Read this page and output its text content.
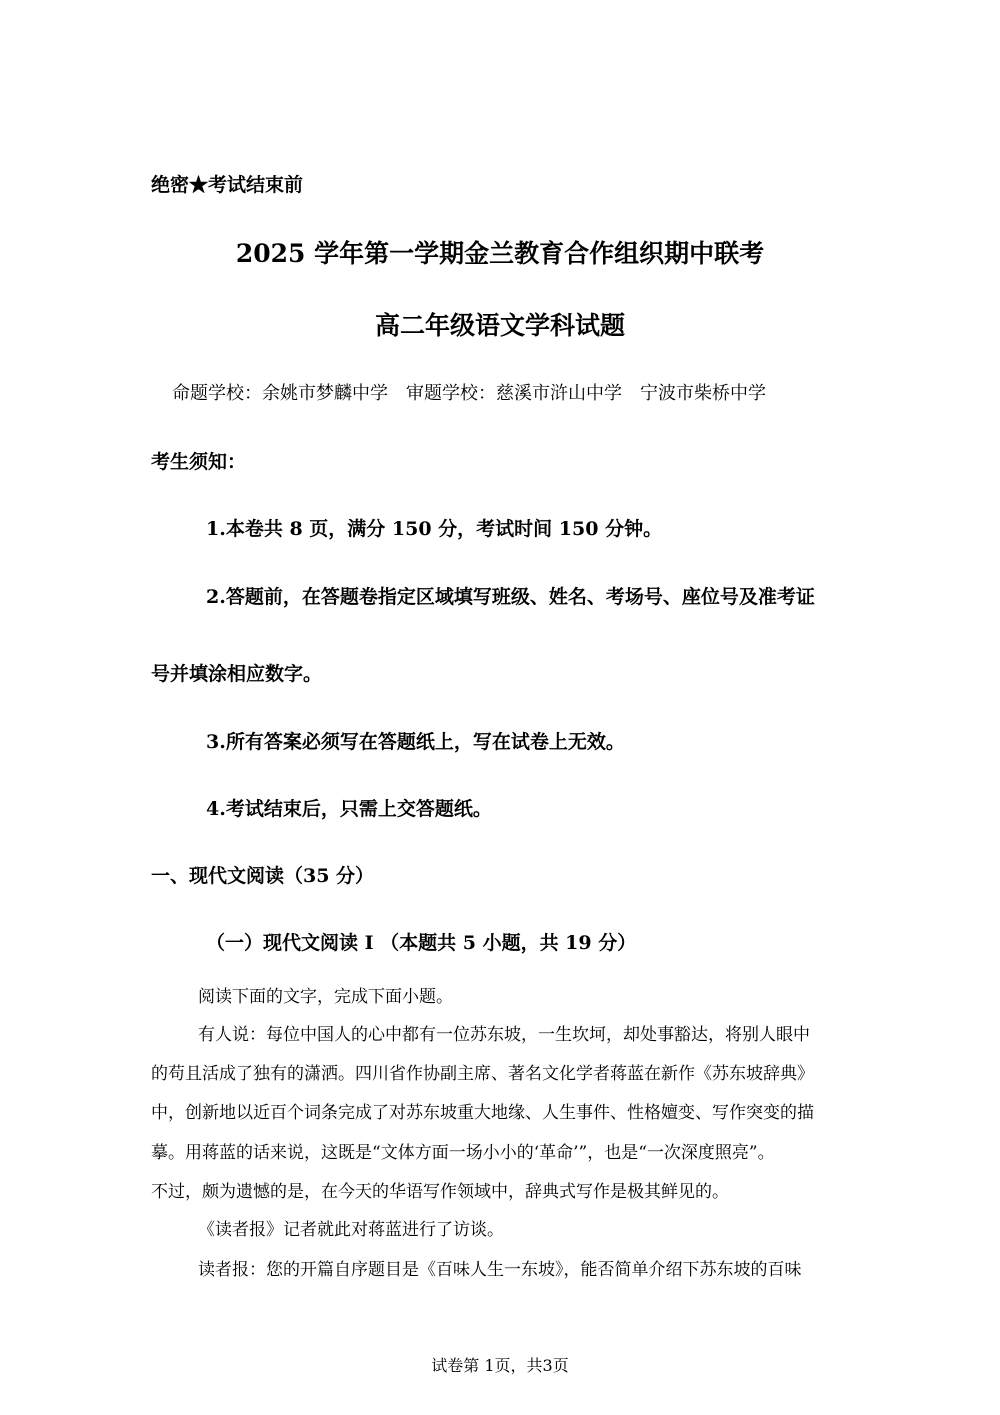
绝密★考试结束前
2025 学年第一学期金兰教育合作组织期中联考
高二年级语文学科试题
命题学校：余姚市梦麟中学　审题学校：慈溪市浒山中学　宁波市柴桥中学
考生须知：
1.本卷共 8 页，满分 150 分，考试时间 150 分钟。
2.答题前，在答题卷指定区域填写班级、姓名、考场号、座位号及准考证
号并填涂相应数字。
3.所有答案必须写在答题纸上，写在试卷上无效。
4.考试结束后，只需上交答题纸。
一、现代文阅读（35 分）
（一）现代文阅读 I （本题共 5 小题，共 19 分）
阅读下面的文字，完成下面小题。
有人说：每位中国人的心中都有一位苏东坡，一生坎坷，却处事豁达，将别人眼中
的苟且活成了独有的潇洒。四川省作协副主席、著名文化学者蒋蓝在新作《苏东坡辞典》
中，创新地以近百个词条完成了对苏东坡重大地缘、人生事件、性格嬗变、写作突变的描
摹。用蒋蓝的话来说，这既是“文体方面一场小小的‘革命’”，也是“一次深度照亮”。
不过，颇为遗憾的是，在今天的华语写作领域中，辞典式写作是极其鲜见的。
《读者报》记者就此对蒋蓝进行了访谈。
读者报：您的开篇自序题目是《百味人生一东坡》，能否简单介绍下苏东坡的百味
试卷第 1页，共3页
